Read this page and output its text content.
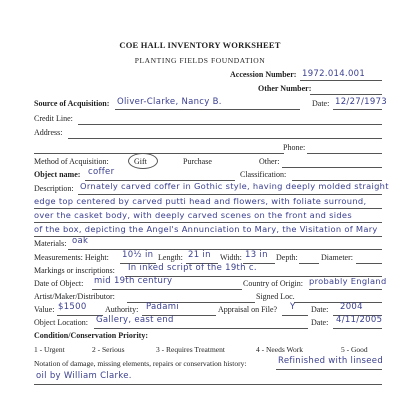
COE HALL INVENTORY WORKSHEET
PLANTING FIELDS FOUNDATION
Accession Number: 1972.014.001
Other Number:
Source of Acquisition: Oliver-Clarke, Nancy B.	Date: 12/27/1973
Credit Line:
Address:
Phone:
Method of Acquisition:	Gift	Purchase	Other:
Object name: coffer	Classification:
Description: Ornately carved coffer in Gothic style, having deeply molded straight
edge top centered by carved putti head and flowers, with foliate surround,
over the casket body, with deeply carved scenes on the front and sides
of the box, depicting the Angel's Annunciation to Mary, the Visitation of Mary
Materials: oak
Measurements: Height: 10½ in Length: 21 in Width: 13 in Depth:	Diameter:
Markings or inscriptions: In inked script of the 19th c.
Date of Object: mid 19th century	Country of Origin: probably England
Artist/Maker/Distributor:	Signed Loc.
Value: $1500 Authority: Padami	Appraisal on File? Y Date: 2004
Object Location: Gallery, east end	Date: 4/11/2005
Condition/Conservation Priority:
1 - Urgent	2 - Serious	3 - Requires Treatment	4 - Needs Work	5 - Good
Notation of damage, missing elements, repairs or conservation history:	Refinished with linseed
oil by William Clarke.
